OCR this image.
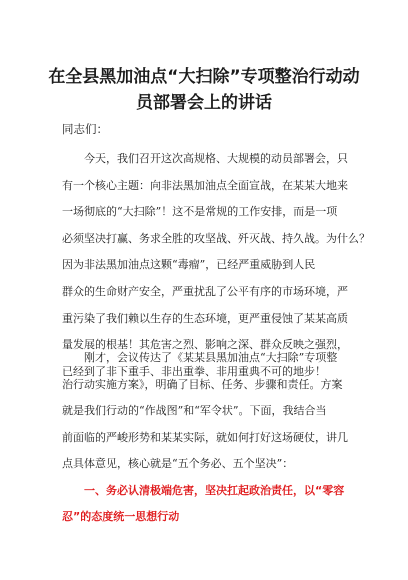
在全县黑加油点“大扫除”专项整治行动动
员部署会上的讲话
同志们：
　　今天，我们召开这次高规格、大规模的动员部署会，只
有一个核心主题：向非法黑加油点全面宣战，在某某大地来
一场彻底的“大扫除”！这不是常规的工作安排，而是一项
必须坚决打赢、务求全胜的攻坚战、歼灭战、持久战。为什么？
因为非法黑加油点这颗“毒瘤”，已经严重威胁到人民
群众的生命财产安全，严重扰乱了公平有序的市场环境，严
重污染了我们赖以生存的生态环境，更严重侵蚀了某某高质
量发展的根基！其危害之烈、影响之深、群众反映之强烈，
已经到了非下重手、非出重拳、非用重典不可的地步！
　　刚才，会议传达了《某某县黑加油点“大扫除”专项整
治行动实施方案》，明确了目标、任务、步骤和责任。方案
就是我们行动的“作战图”和“军令状”。下面，我结合当
前面临的严峻形势和某某实际，就如何打好这场硬仗，讲几
点具体意见，核心就是“五个务必、五个坚决”：
　　一、务必认清极端危害，坚决扛起政治责任，以“零容
忍”的态度统一思想行动
